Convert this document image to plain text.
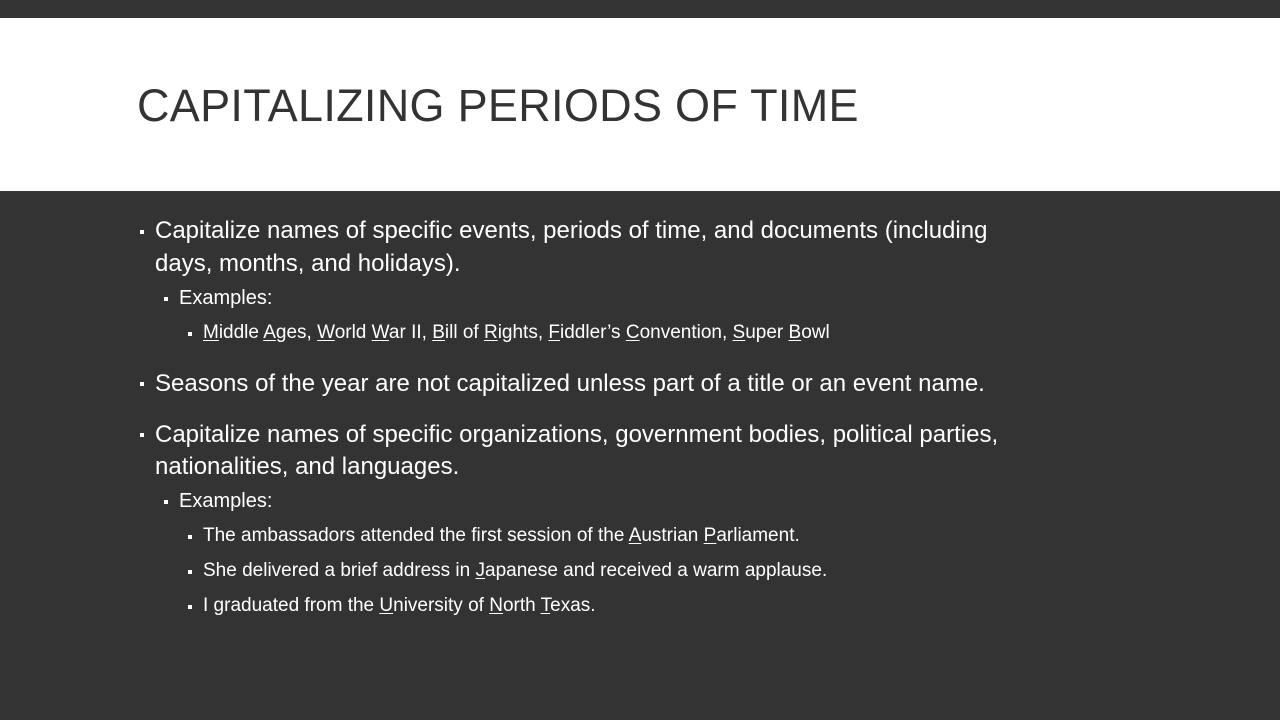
CAPITALIZING PERIODS OF TIME
Capitalize names of specific events, periods of time, and documents (including
days, months, and holidays).
Examples:
Middle Ages, World War II, Bill of Rights, Fiddler’s Convention, Super Bowl
Seasons of the year are not capitalized unless part of a title or an event name.
Capitalize names of specific organizations, government bodies, political parties,
nationalities, and languages.
Examples:
The ambassadors attended the first session of the Austrian Parliament.
She delivered a brief address in Japanese and received a warm applause.
I graduated from the University of North Texas.
